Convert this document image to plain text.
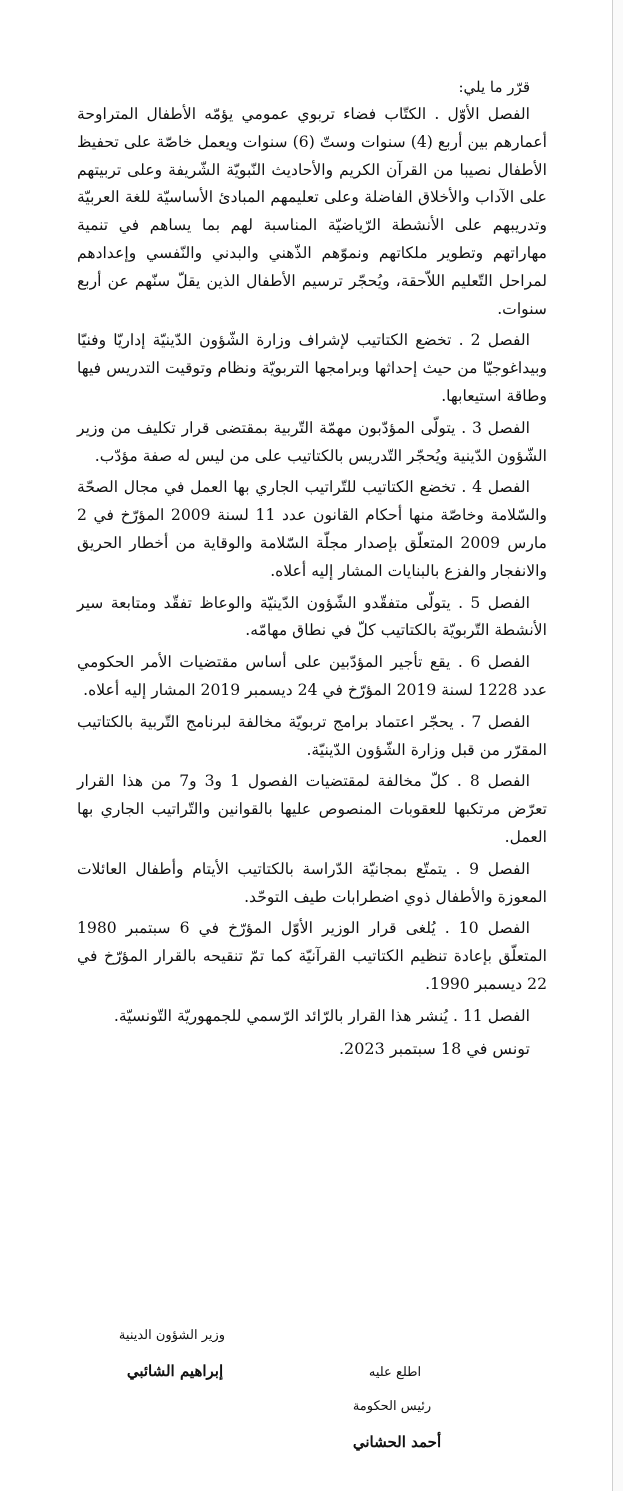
قرّر ما يلي:

الفصل الأوّل . الكتّاب فضاء تربوي عمومي يؤمّه الأطفال المتراوحة أعمارهم بين أربع (4) سنوات وستّ (6) سنوات ويعمل خاصّة على تحفيظ الأطفال نصيبا من القرآن الكريم والأحاديث النّبويّة الشّريفة وعلى تربيتهم على الآداب والأخلاق الفاضلة وعلى تعليمهم المبادئ الأساسيّة للغة العربيّة وتدريبهم على الأنشطة الرّياضيّة المناسبة لهم بما يساهم في تنمية مهاراتهم وتطوير ملكاتهم ونموّهم الذّهني والبدني والنّفسي وإعدادهم لمراحل التّعليم اللاّحقة، ويُحجّر ترسيم الأطفال الذين يقلّ سنّهم عن أربع سنوات.

الفصل 2 . تخضع الكتاتيب لإشراف وزارة الشّؤون الدّينيّة إداريّا وفنيّا وبيداغوجيّا من حيث إحداثها وبرامجها التربويّة ونظام وتوقيت التدريس فيها وطاقة استيعابها.

الفصل 3 . يتولّى المؤدّبون مهمّة التّربية بمقتضى قرار تكليف من وزير الشّؤون الدّينية ويُحجّر التّدريس بالكتاتيب على من ليس له صفة مؤدّب.

الفصل 4 . تخضع الكتاتيب للتّراتيب الجاري بها العمل في مجال الصحّة والسّلامة وخاصّة منها أحكام القانون عدد 11 لسنة 2009 المؤرّخ في 2 مارس 2009 المتعلّق بإصدار مجلّة السّلامة والوقاية من أخطار الحريق والانفجار والفزع بالبنايات المشار إليه أعلاه.

الفصل 5 . يتولّى متفقّدو الشّؤون الدّينيّة والوعاظ تفقّد ومتابعة سير الأنشطة التّربويّة بالكتاتيب كلّ في نطاق مهامّه.

الفصل 6 . يقع تأجير المؤدّبين على أساس مقتضيات الأمر الحكومي عدد 1228 لسنة 2019 المؤرّخ في 24 ديسمبر 2019 المشار إليه أعلاه.

الفصل 7 . يحجّر اعتماد برامج تربويّة مخالفة لبرنامج التّربية بالكتاتيب المقرّر من قبل وزارة الشّؤون الدّينيّة.

الفصل 8 . كلّ مخالفة لمقتضيات الفصول 1 و3 و7 من هذا القرار تعرّض مرتكبها للعقوبات المنصوص عليها بالقوانين والتّراتيب الجاري بها العمل.

الفصل 9 . يتمتّع بمجانيّة الدّراسة بالكتاتيب الأيتام وأطفال العائلات المعوزة والأطفال ذوي اضطرابات طيف التوحّد.

الفصل 10 . يُلغى قرار الوزير الأوّل المؤرّخ في 6 سبتمبر 1980 المتعلّق بإعادة تنظيم الكتاتيب القرآنيّة كما تمّ تنقيحه بالقرار المؤرّخ في 22 ديسمبر 1990.

الفصل 11 . يُنشر هذا القرار بالرّائد الرّسمي للجمهوريّة التّونسيّة.

تونس في 18 سبتمبر 2023.

وزير الشؤون الدينية
إبراهيم الشائبي	اطلع عليه
رئيس الحكومة
أحمد الحشاني
